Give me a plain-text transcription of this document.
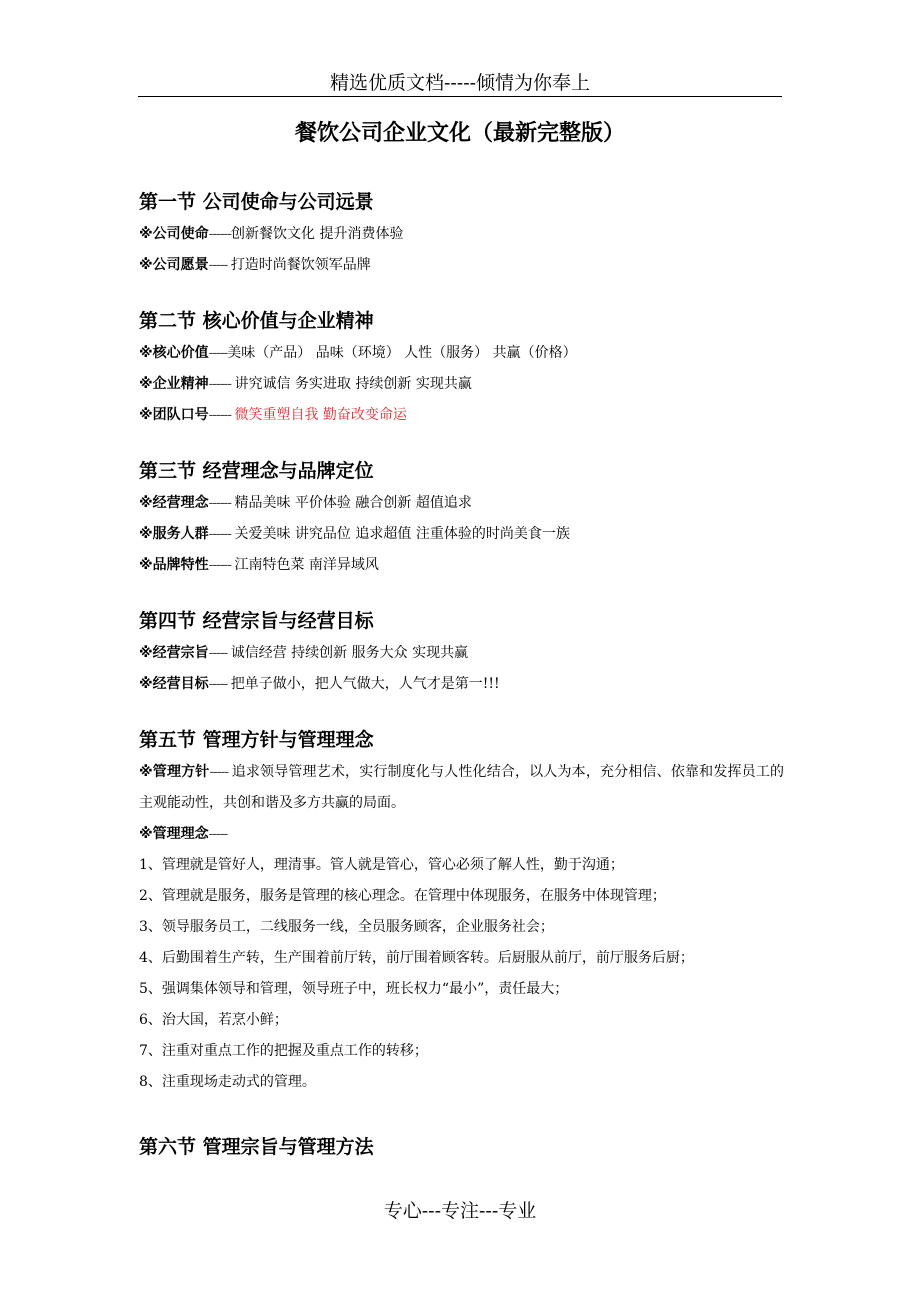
精选优质文档-----倾情为你奉上
餐饮公司企业文化（最新完整版）
第一节 公司使命与公司远景
※公司使命------创新餐饮文化 提升消费体验
※公司愿景----- 打造时尚餐饮领军品牌
第二节 核心价值与企业精神
※核心价值-----美味（产品） 品味（环境） 人性（服务） 共赢（价格）
※企业精神------ 讲究诚信 务实进取 持续创新 实现共赢
※团队口号------ 微笑重塑自我 勤奋改变命运
第三节 经营理念与品牌定位
※经营理念------ 精品美味 平价体验 融合创新 超值追求
※服务人群------ 关爱美味 讲究品位 追求超值 注重体验的时尚美食一族
※品牌特性------ 江南特色菜 南洋异域风
第四节 经营宗旨与经营目标
※经营宗旨----- 诚信经营 持续创新 服务大众 实现共赢
※经营目标----- 把单子做小，把人气做大，人气才是第一!!!
第五节 管理方针与管理理念
※管理方针----- 追求领导管理艺术，实行制度化与人性化结合，以人为本，充分相信、依靠和发挥员工的主观能动性，共创和谐及多方共赢的局面。
※管理理念-----
1、管理就是管好人，理清事。管人就是管心，管心必须了解人性，勤于沟通；
2、管理就是服务，服务是管理的核心理念。在管理中体现服务，在服务中体现管理；
3、领导服务员工，二线服务一线，全员服务顾客，企业服务社会；
4、后勤围着生产转，生产围着前厅转，前厅围着顾客转。后厨服从前厅，前厅服务后厨；
5、强调集体领导和管理，领导班子中，班长权力“最小”，责任最大；
6、治大国，若烹小鲜；
7、注重对重点工作的把握及重点工作的转移；
8、注重现场走动式的管理。
第六节 管理宗旨与管理方法
专心---专注---专业
